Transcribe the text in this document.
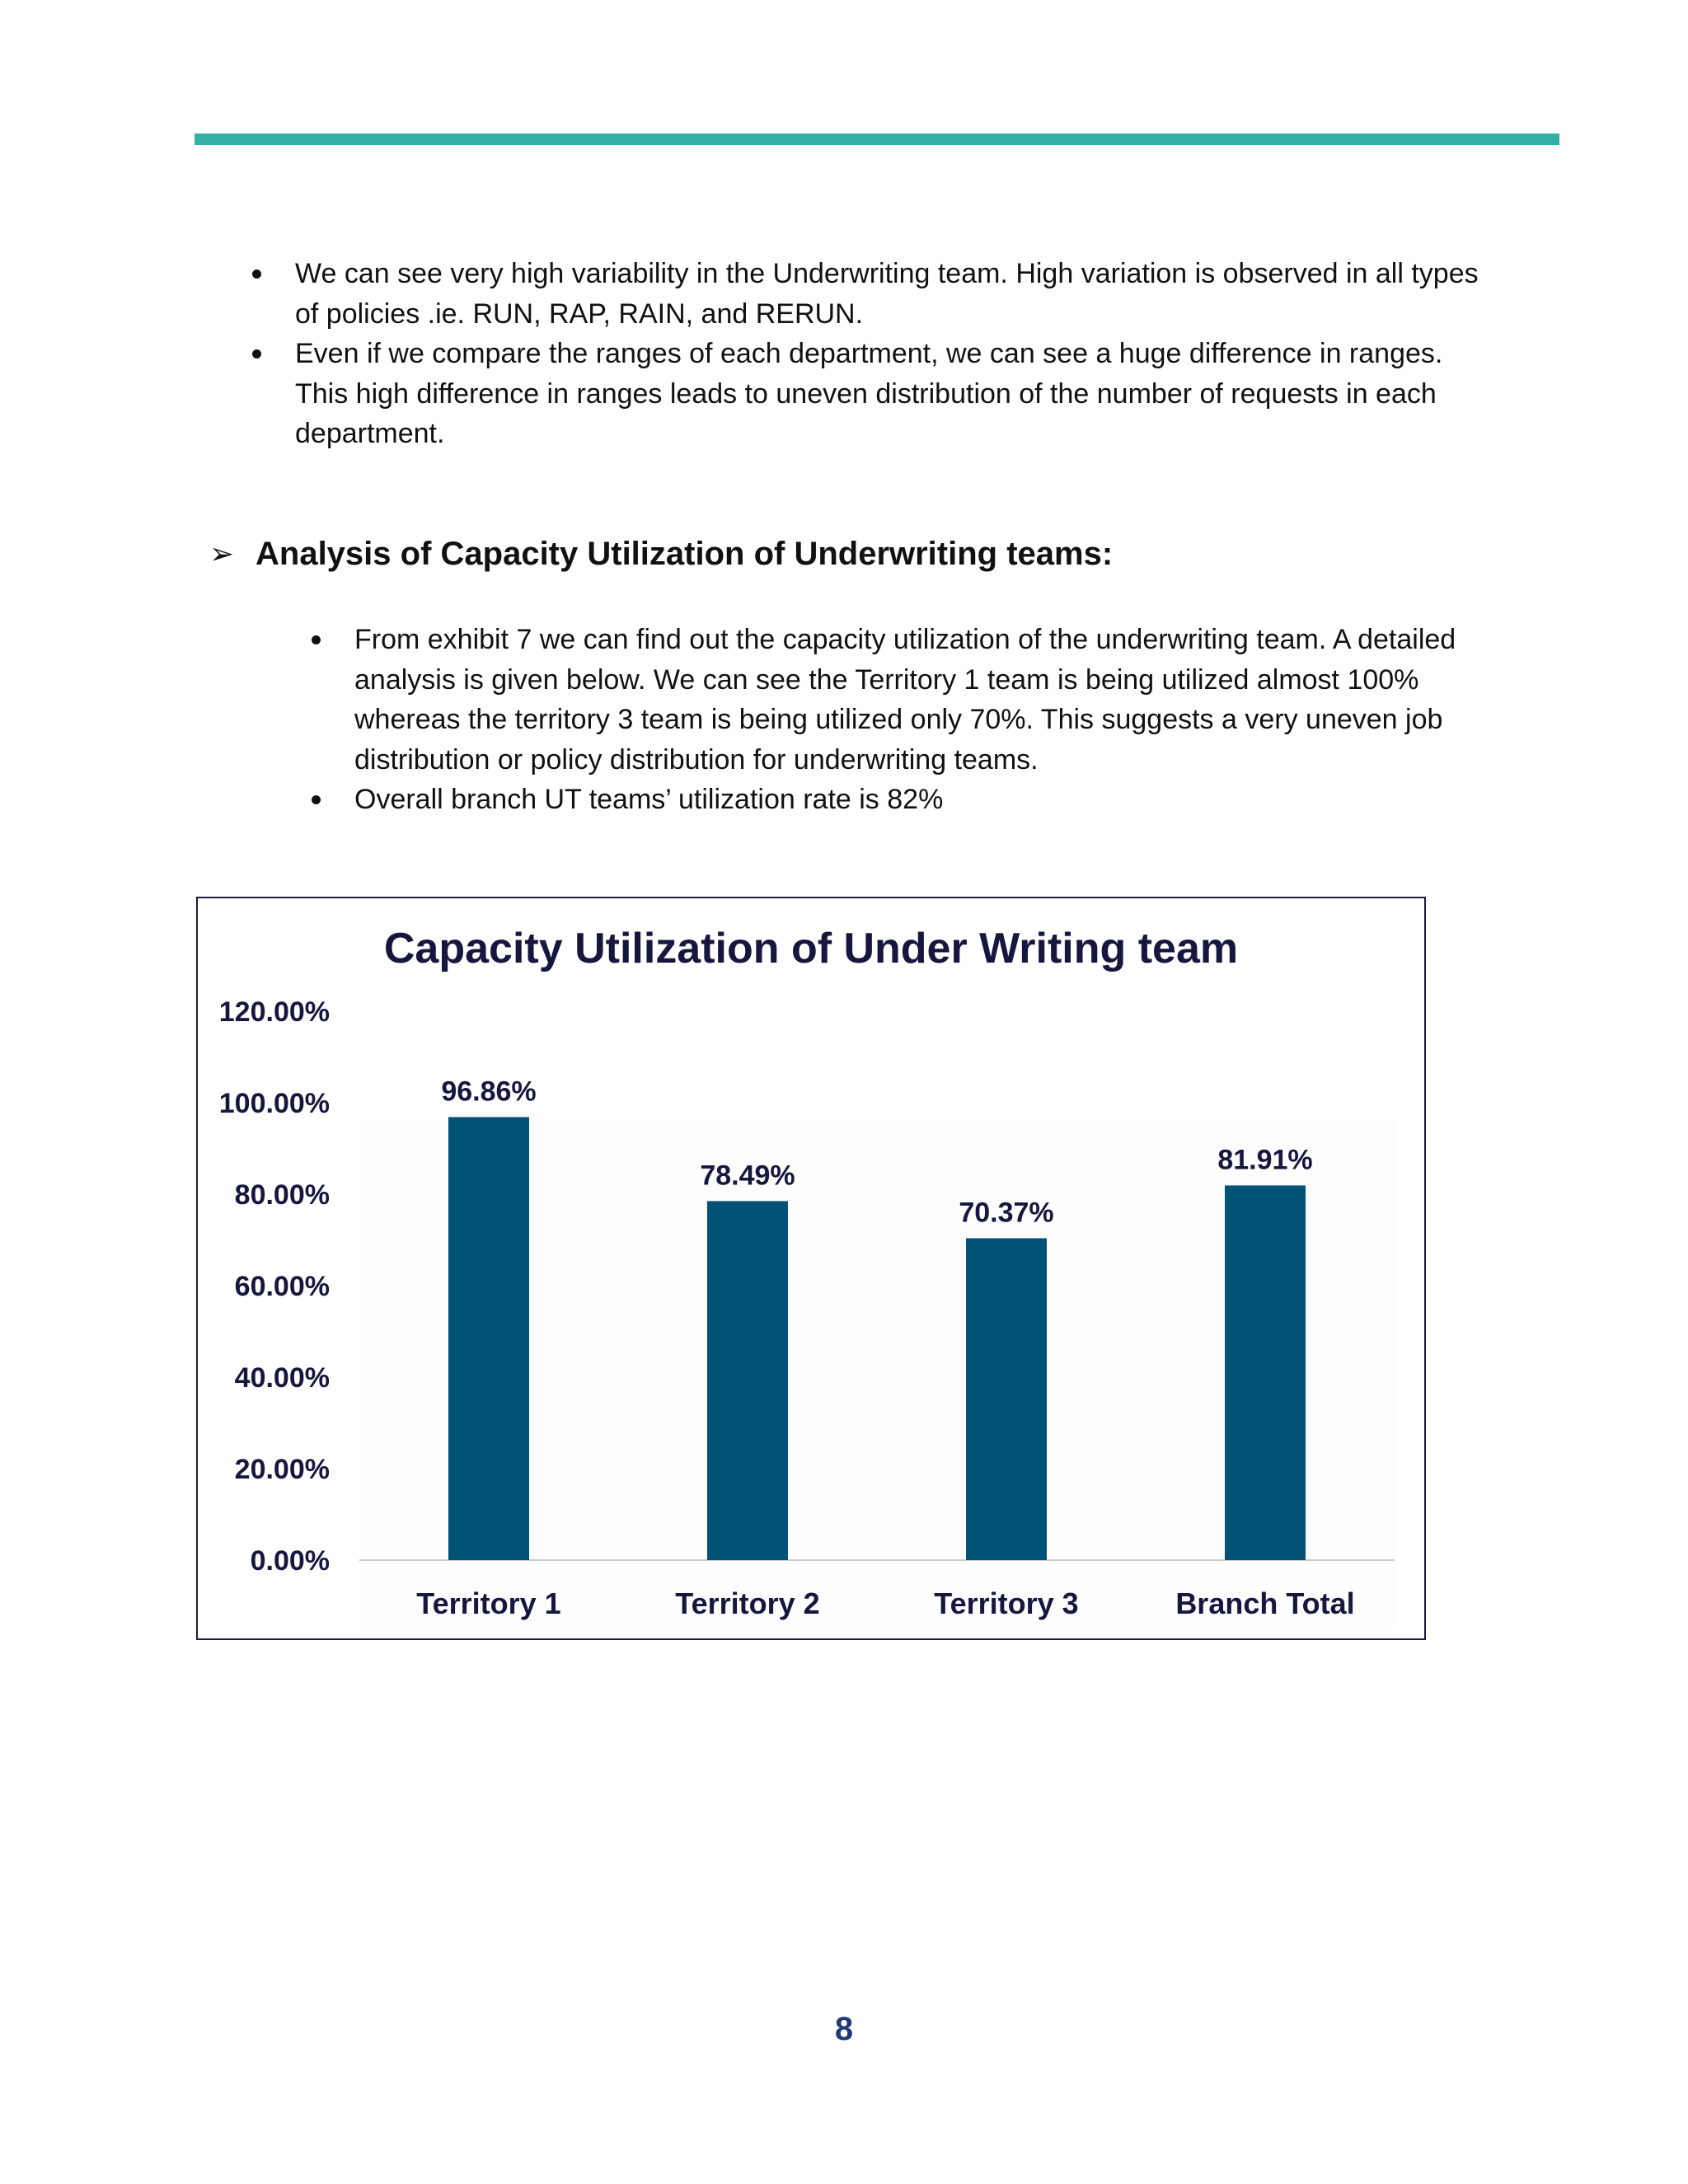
We can see very high variability in the Underwriting team. High variation is observed in all types of policies .ie. RUN, RAP, RAIN, and RERUN.
Even if we compare the ranges of each department, we can see a huge difference in ranges. This high difference in ranges leads to uneven distribution of the number of requests in each department.
➢ Analysis of Capacity Utilization of Underwriting teams:
From exhibit 7 we can find out the capacity utilization of the underwriting team. A detailed analysis is given below. We can see the Territory 1 team is being utilized almost 100% whereas the territory 3 team is being utilized only 70%. This suggests a very uneven job distribution or policy distribution for underwriting teams.
Overall branch UT teams’ utilization rate is 82%
Capacity Utilization of Under Writing team
0.00%
20.00%
40.00%
60.00%
80.00%
100.00%
120.00%
96.86%
78.49%
70.37%
81.91%
Territory 1	Territory 2	Territory 3	Branch Total
8
